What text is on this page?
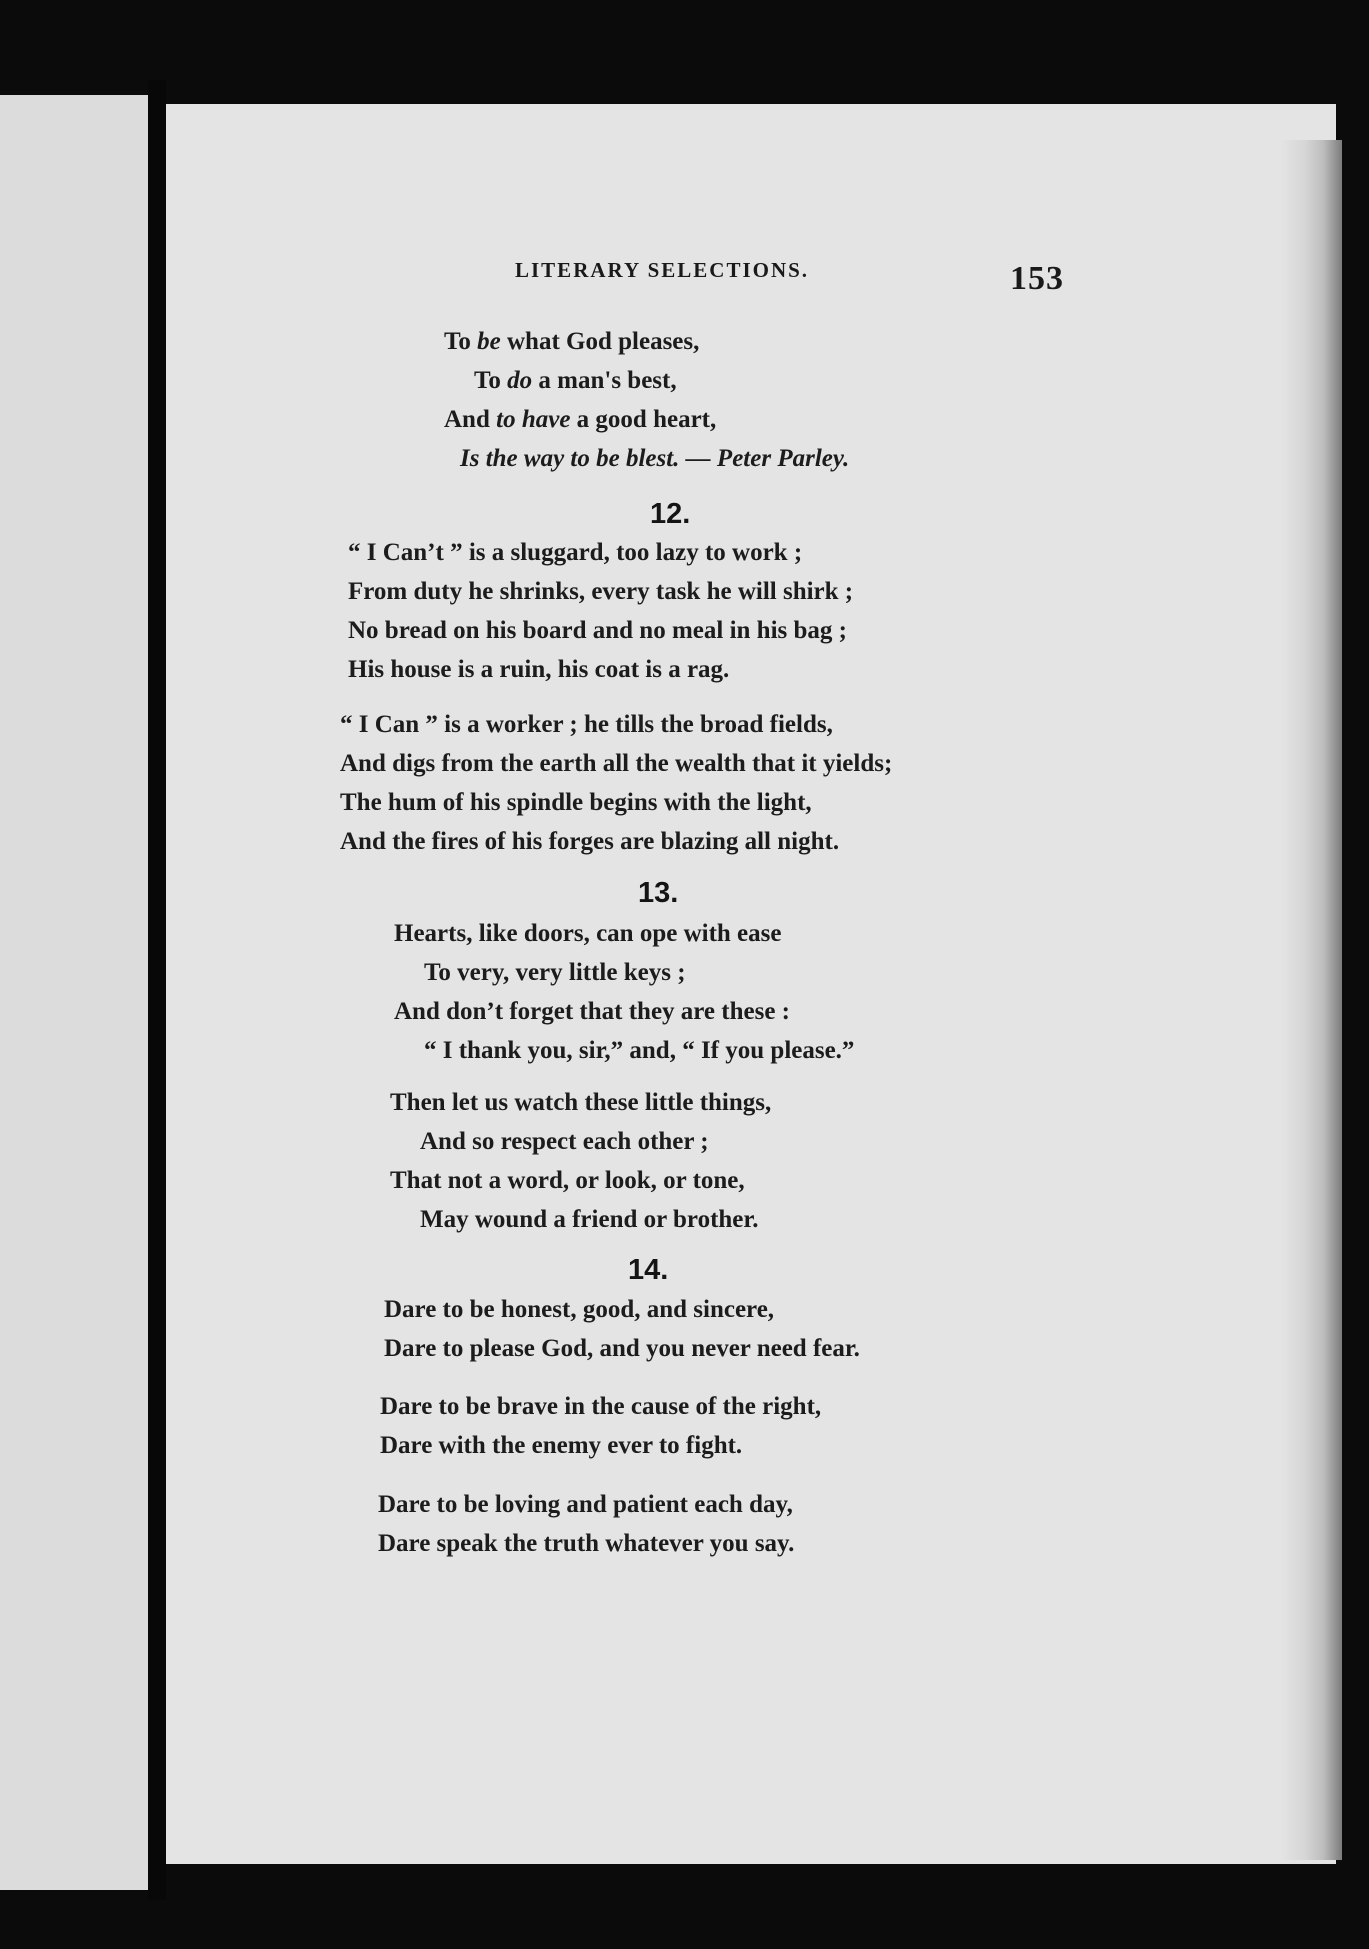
LITERARY SELECTIONS.	153
To be what God pleases,
To do a man's best,
And to have a good heart,
Is the way to be blest. — Peter Parley.
12.
“ I Can’t ” is a sluggard, too lazy to work ;
From duty he shrinks, every task he will shirk ;
No bread on his board and no meal in his bag ;
His house is a ruin, his coat is a rag.
“ I Can ” is a worker ; he tills the broad fields,
And digs from the earth all the wealth that it yields;
The hum of his spindle begins with the light,
And the fires of his forges are blazing all night.
13.
Hearts, like doors, can ope with ease
To very, very little keys ;
And don’t forget that they are these :
“ I thank you, sir,” and, “ If you please.”
Then let us watch these little things,
And so respect each other ;
That not a word, or look, or tone,
May wound a friend or brother.
14.
Dare to be honest, good, and sincere,
Dare to please God, and you never need fear.
Dare to be brave in the cause of the right,
Dare with the enemy ever to fight.
Dare to be loving and patient each day,
Dare speak the truth whatever you say.
